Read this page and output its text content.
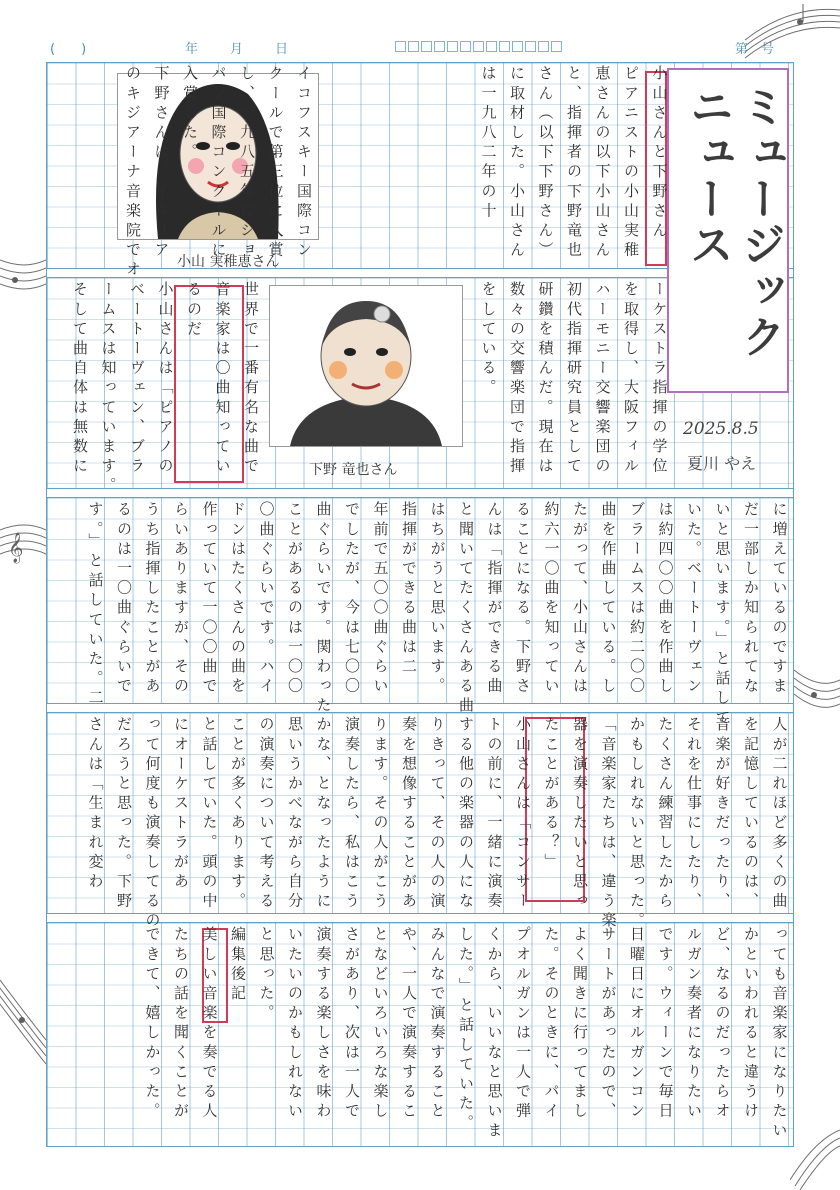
𝄞
(　　)	年 月 日	第　号
ミュージックニュース
2025.8.5
夏川 やえ
小山 実稚恵さん
下野 竜也さん
小山さんと下野さん
ピアニストの小山実稚
恵さんの以下小山さん
と、指揮者の下野竜也
さん（以下下野さん）
に取材した。小山さん
は一九八二年の十
イコフスキー国際コン
クールで第三位に入賞
し、一九八五年にショ
パン国際コンクールに
入賞した。
下野さんは、イタリア
のキジアーナ音楽院でオ
ーケストラ指揮の学位
を取得し、大阪フィル
ハーモニー交響楽団の
初代指揮研究員として
研鑽を積んだ。現在は
数々の交響楽団で指揮
をしている。
世界で一番有名な曲で
音楽家は〇曲知ってい
るのだ
小山さんは「ピアノの
ベートーヴェン、ブラ
ームスは知っています。
そして曲自体は無数に
に増えているのですま
だ一部しか知られてな
いと思います。」と話して
いた。ベートーヴェン
は約四〇〇曲を作曲し
ブラームスは約二〇〇
曲を作曲している。し
たがって、小山さんは
約六一〇曲を知ってい
ることになる。下野さ
んは「指揮ができる曲
と聞いてたくさんある曲
はちがうと思います。
指揮ができる曲は二
年前で五〇〇曲ぐらい
でしたが、今は七〇〇
曲ぐらいです。関わった
ことがあるのは一〇〇
〇曲ぐらいです。ハイ
ドンはたくさんの曲を
作っていて一〇〇曲で
らいありますが、その
うち指揮したことがあ
るのは一〇曲ぐらいで
す。」と話していた。二
人が二れほど多くの曲
を記憶しているのは、
音楽が好きだったり、
それを仕事にしたり、
たくさん練習したから
かもしれないと思った。
「音楽家たちは、違う楽
器を演奏したいと思っ
たことがある？」
小山さんは「コンサー
トの前に、一緒に演奏
する他の楽器の人にな
りきって、その人の演
奏を想像することがあ
ります。その人がこう
演奏したら、私はこう
かな、となったように
思いうかべながら自分
の演奏について考える
ことが多くあります。
と話していた。頭の中
にオーケストラがあ
って何度も演奏してるの
だろうと思った。下野
さんは「生まれ変わ
っても音楽家になりたい
かといわれると違うけ
ど、なるのだったらオ
ルガン奏者になりたい
です。ウィーンで毎日
日曜日にオルガンコン
サートがあったので、
よく聞きに行ってまし
た。そのときに、パイ
プオルガンは一人で弾
くから、いいなと思いま
した。」と話していた。
みんなで演奏すること
や、一人で演奏するこ
となどいろいろな楽し
さがあり、次は一人で
演奏する楽しさを味わ
いたいのかもしれない
と思った。
編集後記
美しい音楽を奏でる人
たちの話を聞くことが
できて、嬉しかった。
